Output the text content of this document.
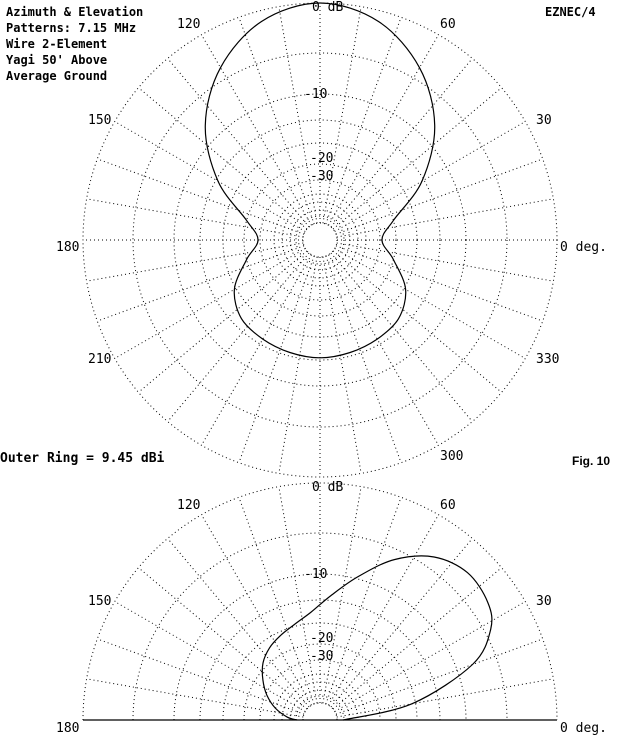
Azimuth & Elevation
Patterns: 7.15 MHz
Wire 2-Element
Yagi 50' Above
Average Ground
EZNEC/4
0 dB
-10
-20
-30
0 deg.
30
60
120
150
180
210
300
330
Outer Ring = 9.45 dBi	Fig. 10
0 dB
-10
-20
-30
0 deg.
30
60
120
150
180
